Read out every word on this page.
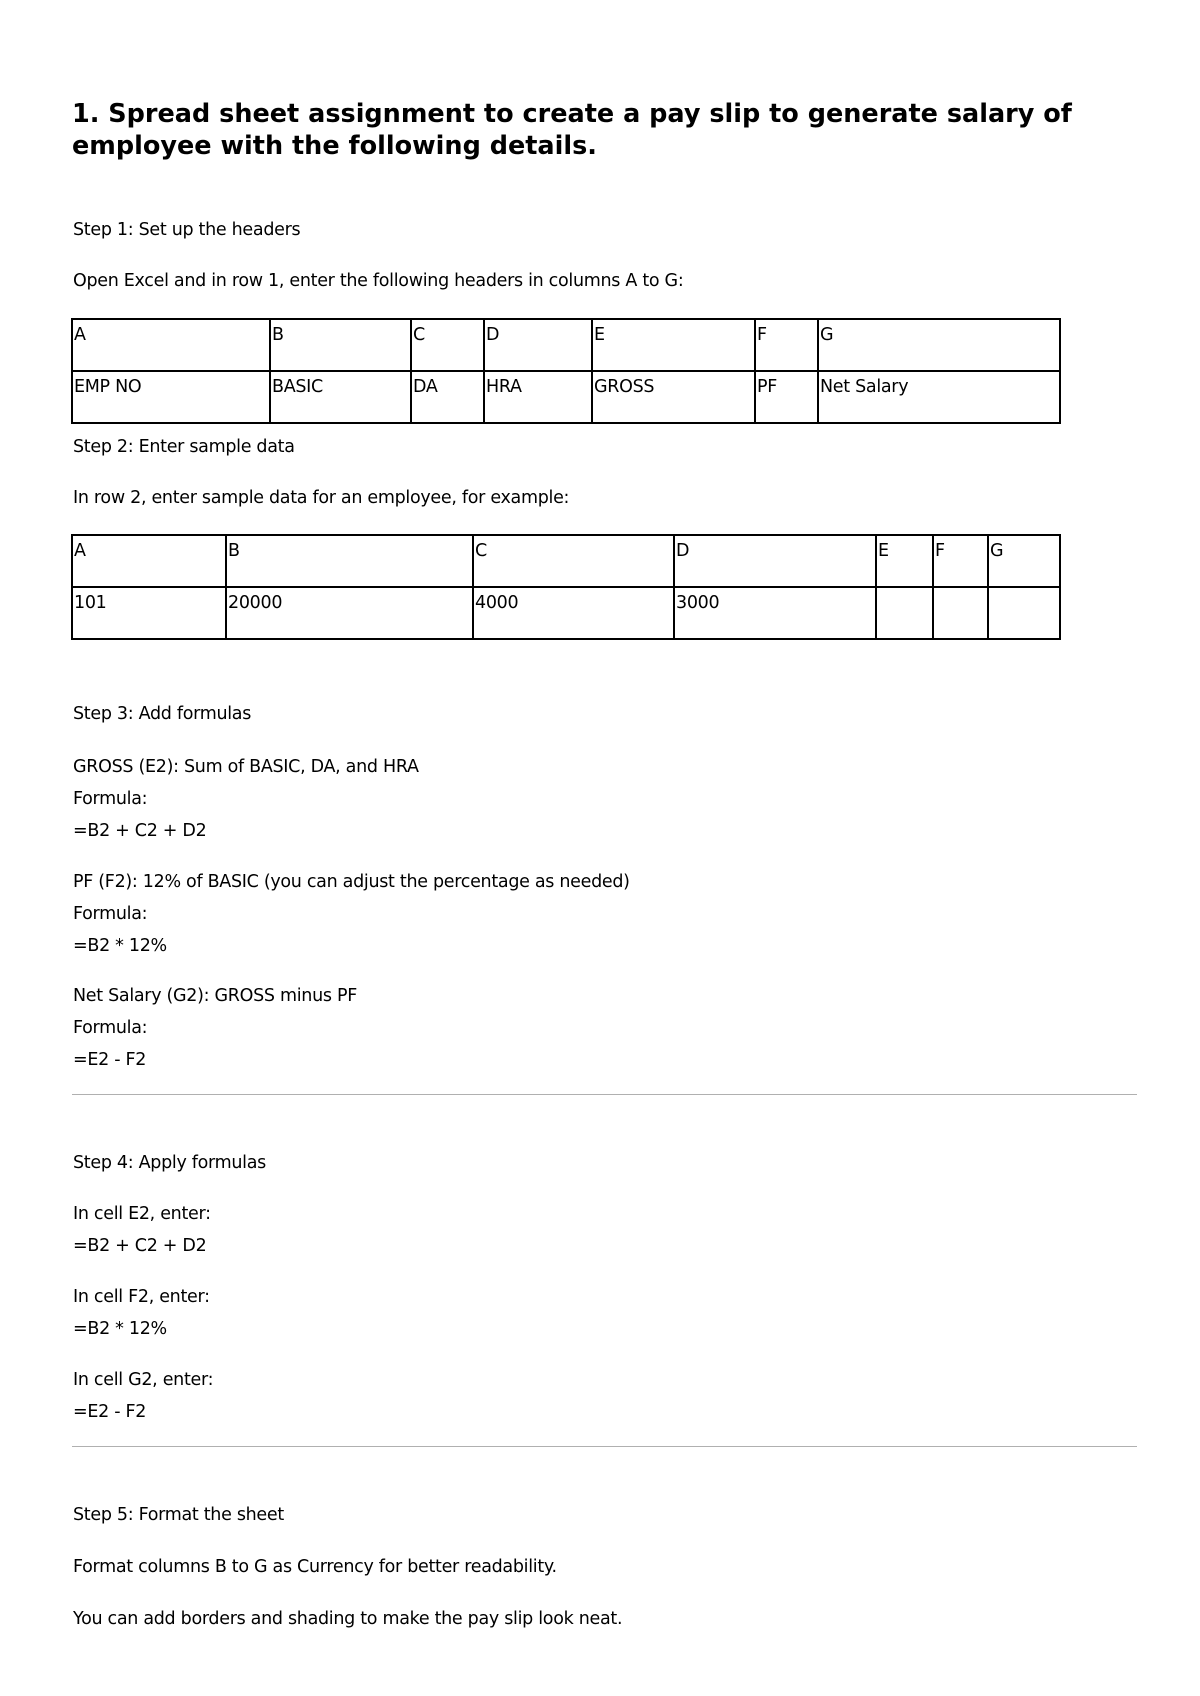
1. Spread sheet assignment to create a pay slip to generate salary of employee with the following details.

Step 1: Set up the headers

Open Excel and in row 1, enter the following headers in columns A to G:

A	B	C	D	E	F	G
EMP NO	BASIC	DA	HRA	GROSS	PF	Net Salary

Step 2: Enter sample data

In row 2, enter sample data for an employee, for example:

A	B	C	D	E	F	G
101	20000	4000	3000			

Step 3: Add formulas

GROSS (E2): Sum of BASIC, DA, and HRA

Formula:

=B2 + C2 + D2

PF (F2): 12% of BASIC (you can adjust the percentage as needed)

Formula:

=B2 * 12%

Net Salary (G2): GROSS minus PF

Formula:

=E2 - F2

Step 4: Apply formulas

In cell E2, enter:

=B2 + C2 + D2

In cell F2, enter:

=B2 * 12%

In cell G2, enter:

=E2 - F2

Step 5: Format the sheet

Format columns B to G as Currency for better readability.

You can add borders and shading to make the pay slip look neat.
